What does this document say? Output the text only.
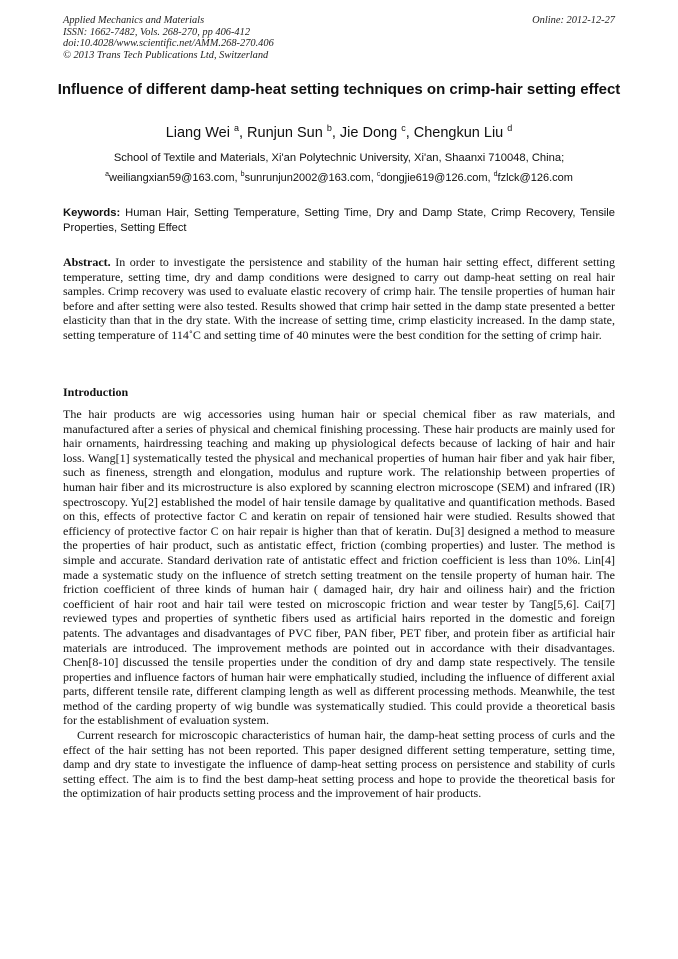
Applied Mechanics and Materials
ISSN: 1662-7482, Vols. 268-270, pp 406-412
doi:10.4028/www.scientific.net/AMM.268-270.406
© 2013 Trans Tech Publications Ltd, Switzerland
Online: 2012-12-27
Influence of different damp-heat setting techniques on crimp-hair setting effect
Liang Wei $^a$, Runjun Sun $^b$, Jie Dong $^c$, Chengkun Liu $^d$
School of Textile and Materials, Xi'an Polytechnic University, Xi'an, Shaanxi 710048, China;
$^a$weiliangxian59@163.com, $^b$sunrunjun2002@163.com, $^c$dongjie619@126.com, $^d$fzlck@126.com
Keywords: Human Hair, Setting Temperature, Setting Time, Dry and Damp State, Crimp Recovery, Tensile Properties, Setting Effect
Abstract. In order to investigate the persistence and stability of the human hair setting effect, different setting temperature, setting time, dry and damp conditions were designed to carry out damp-heat setting on real hair samples. Crimp recovery was used to evaluate elastic recovery of crimp hair. The tensile properties of human hair before and after setting were also tested. Results showed that crimp hair setted in the damp state presented a better elasticity than that in the dry state. With the increase of setting time, crimp elasticity increased. In the damp state, setting temperature of 114˚C and setting time of 40 minutes were the best condition for the setting of crimp hair.
Introduction

The hair products are wig accessories using human hair or special chemical fiber as raw materials, and manufactured after a series of physical and chemical finishing processing. These hair products are mainly used for hair ornaments, hairdressing teaching and making up physiological defects because of lacking of hair and hair loss. Wang[1] systematically tested the physical and mechanical properties of human hair fiber and yak hair fiber, such as fineness, strength and elongation, modulus and rupture work. The relationship between properties of human hair fiber and its microstructure is also explored by scanning electron microscope (SEM) and infrared (IR) spectroscopy. Yu[2] established the model of hair tensile damage by qualitative and quantification methods. Based on this, effects of protective factor C and keratin on repair of tensioned hair were studied. Results showed that efficiency of protective factor C on hair repair is higher than that of keratin. Du[3] designed a method to measure the properties of hair product, such as antistatic effect, friction (combing properties) and luster. The method is simple and accurate. Standard derivation rate of antistatic effect and friction coefficient is less than 10%. Lin[4] made a systematic study on the influence of stretch setting treatment on the tensile property of human hair. The friction coefficient of three kinds of human hair ( damaged hair, dry hair and oiliness hair) and the friction coefficient of hair root and hair tail were tested on microscopic friction and wear tester by Tang[5,6]. Cai[7] reviewed types and properties of synthetic fibers used as artificial hairs reported in the domestic and foreign patents. The advantages and disadvantages of PVC fiber, PAN fiber, PET fiber, and protein fiber as artificial hair materials are introduced. The improvement methods are pointed out in accordance with their disadvantages. Chen[8-10] discussed the tensile properties under the condition of dry and damp state respectively. The tensile properties and influence factors of human hair were emphatically studied, including the influence of different axial parts, different tensile rate, different clamping length as well as different processing methods. Meanwhile, the test method of the carding property of wig bundle was systematically studied. This could provide a theoretical basis for the establishment of evaluation system.

Current research for microscopic characteristics of human hair, the damp-heat setting process of curls and the effect of the hair setting has not been reported. This paper designed different setting temperature, setting time, damp and dry state to investigate the influence of damp-heat setting process on persistence and stability of curls setting effect. The aim is to find the best damp-heat setting process and hope to provide the theoretical basis for the optimization of hair products setting process and the improvement of hair products.
